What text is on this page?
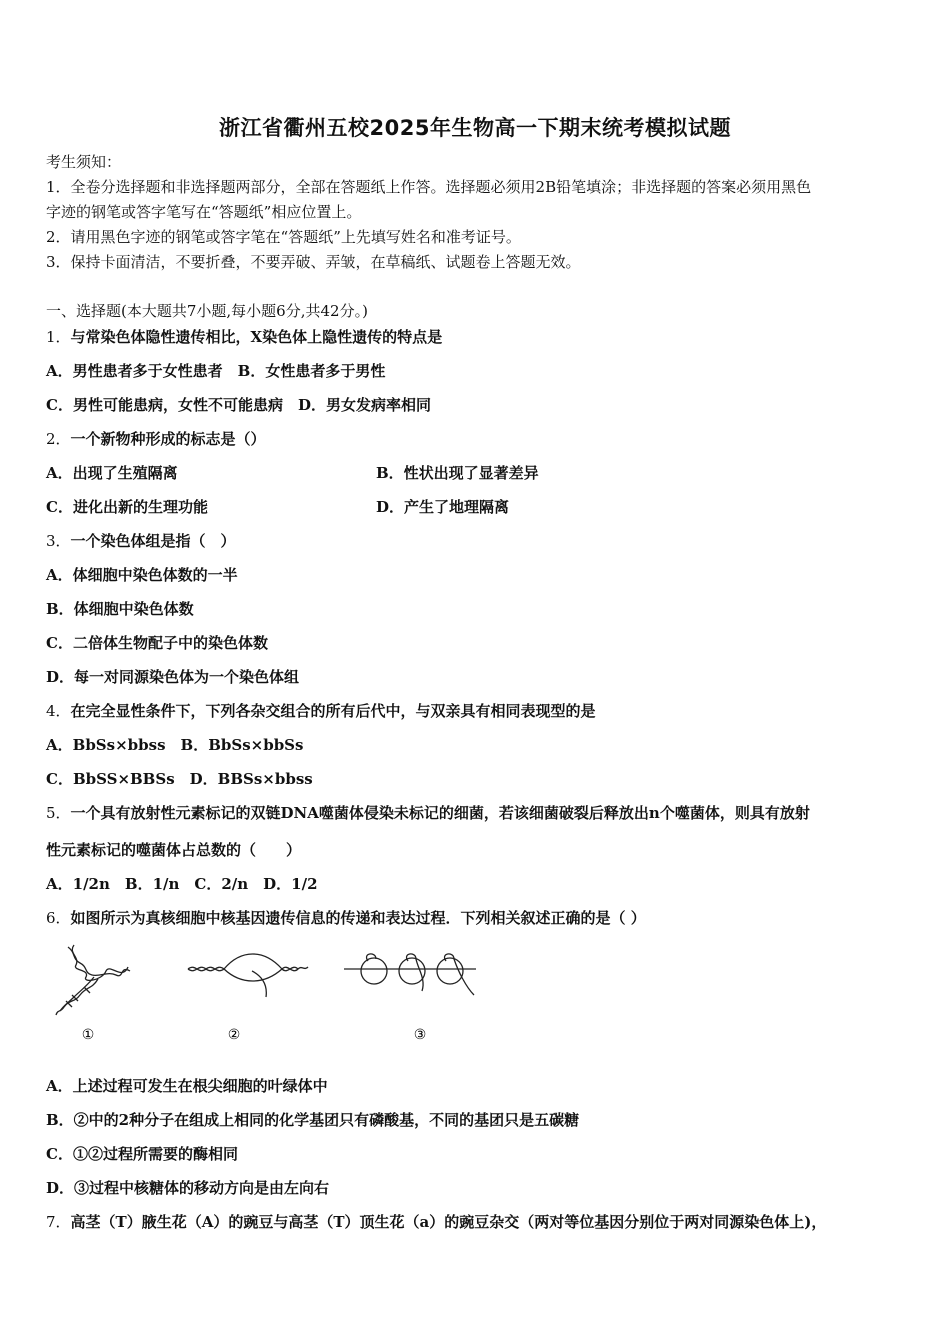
浙江省衢州五校2025年生物高一下期末统考模拟试题
考生须知：
1．全卷分选择题和非选择题两部分，全部在答题纸上作答。选择题必须用2B铅笔填涂；非选择题的答案必须用黑色
字迹的钢笔或答字笔写在“答题纸”相应位置上。
2．请用黑色字迹的钢笔或答字笔在“答题纸”上先填写姓名和准考证号。
3．保持卡面清洁，不要折叠，不要弄破、弄皱，在草稿纸、试题卷上答题无效。
一、选择题(本大题共7小题,每小题6分,共42分。)
1．与常染色体隐性遗传相比，X染色体上隐性遗传的特点是
A．男性患者多于女性患者　B．女性患者多于男性
C．男性可能患病，女性不可能患病　D．男女发病率相同
2．一个新物种形成的标志是（）
A．出现了生殖隔离	B．性状出现了显著差异
C．进化出新的生理功能	D．产生了地理隔离
3．一个染色体组是指（　）
A．体细胞中染色体数的一半
B．体细胞中染色体数
C．二倍体生物配子中的染色体数
D．每一对同源染色体为一个染色体组
4．在完全显性条件下，下列各杂交组合的所有后代中，与双亲具有相同表现型的是
A．BbSs×bbss　B．BbSs×bbSs
C．BbSS×BBSs　D．BBSs×bbss
5．一个具有放射性元素标记的双链DNA噬菌体侵染未标记的细菌，若该细菌破裂后释放出n个噬菌体，则具有放射
性元素标记的噬菌体占总数的（　　）
A．1/2n　B．1/n　C．2/n　D．1/2
6．如图所示为真核细胞中核基因遗传信息的传递和表达过程．下列相关叙述正确的是（ ）
①	②	③
A．上述过程可发生在根尖细胞的叶绿体中
B．②中的2种分子在组成上相同的化学基团只有磷酸基，不同的基团只是五碳糖
C．①②过程所需要的酶相同
D．③过程中核糖体的移动方向是由左向右
7．高茎（T）腋生花（A）的豌豆与高茎（T）顶生花（a）的豌豆杂交（两对等位基因分别位于两对同源染色体上)，
